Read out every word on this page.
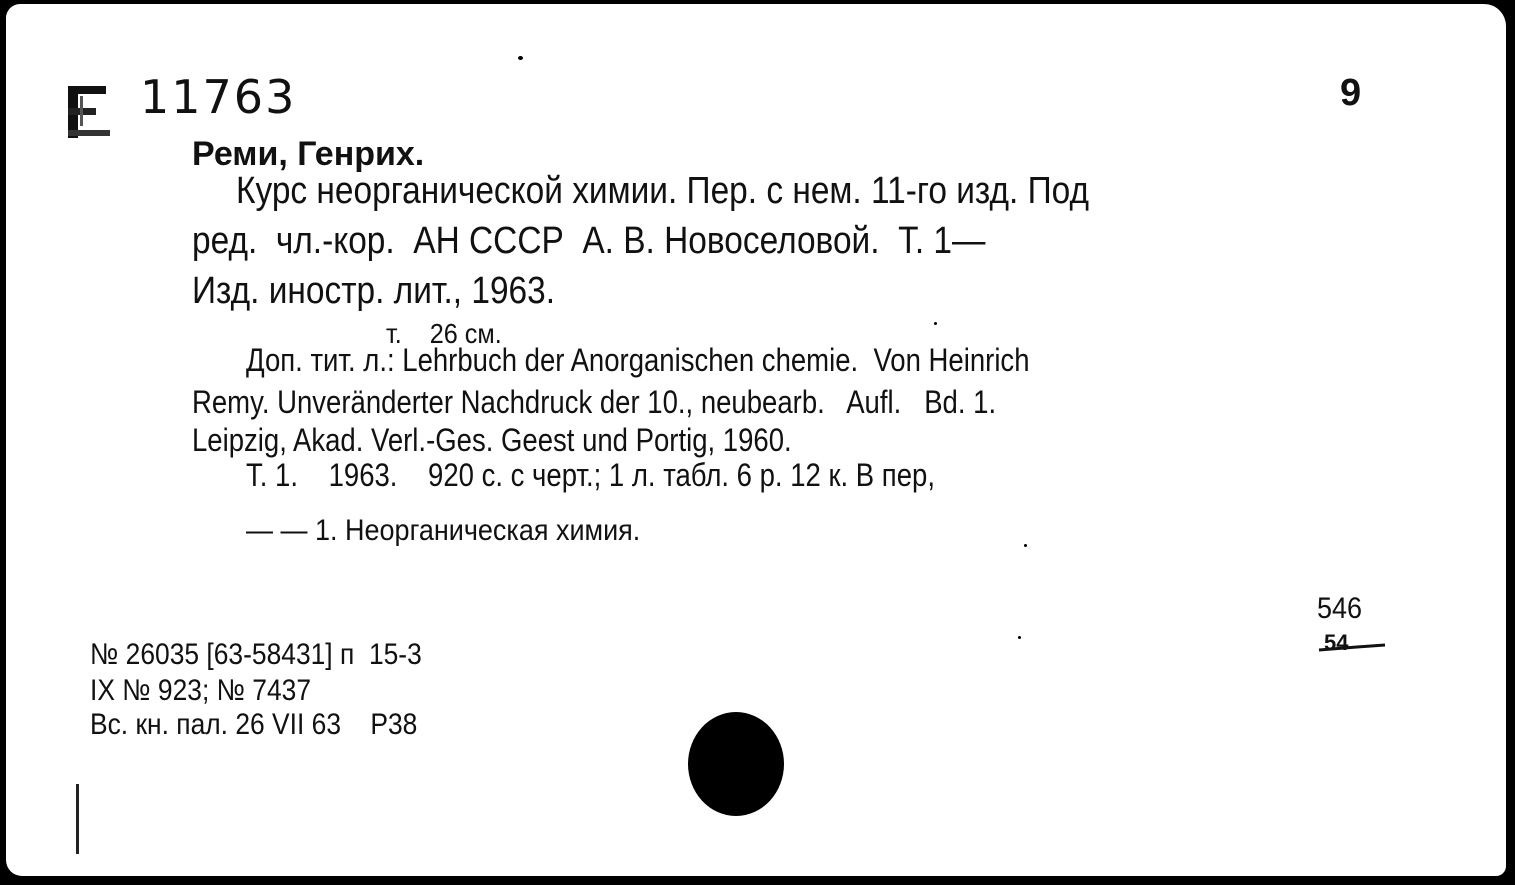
11763	9
Реми, Генрих.
Курс неорганической химии. Пер. с нем. 11-го изд. Под
ред.  чл.-кор.  АН СССР  А. В. Новоселовой.  Т. 1—
Изд. иностр. лит., 1963.
т.    26 см.
Доп. тит. л.: Lehrbuch der Anorganischen chemie.  Von Heinrich
Remy. Unveränderter Nachdruck der 10., neubearb.   Aufl.   Bd. 1.
Leipzig, Akad. Verl.-Ges. Geest und Portig, 1960.
Т. 1.    1963.    920 с. с черт.; 1 л. табл. 6 р. 12 к. В пер,
— — 1. Неорганическая химия.
546
54
№ 26035 [63-58431] п  15-3
IX № 923; № 7437
Вс. кн. пал. 26 VII 63    Р38
